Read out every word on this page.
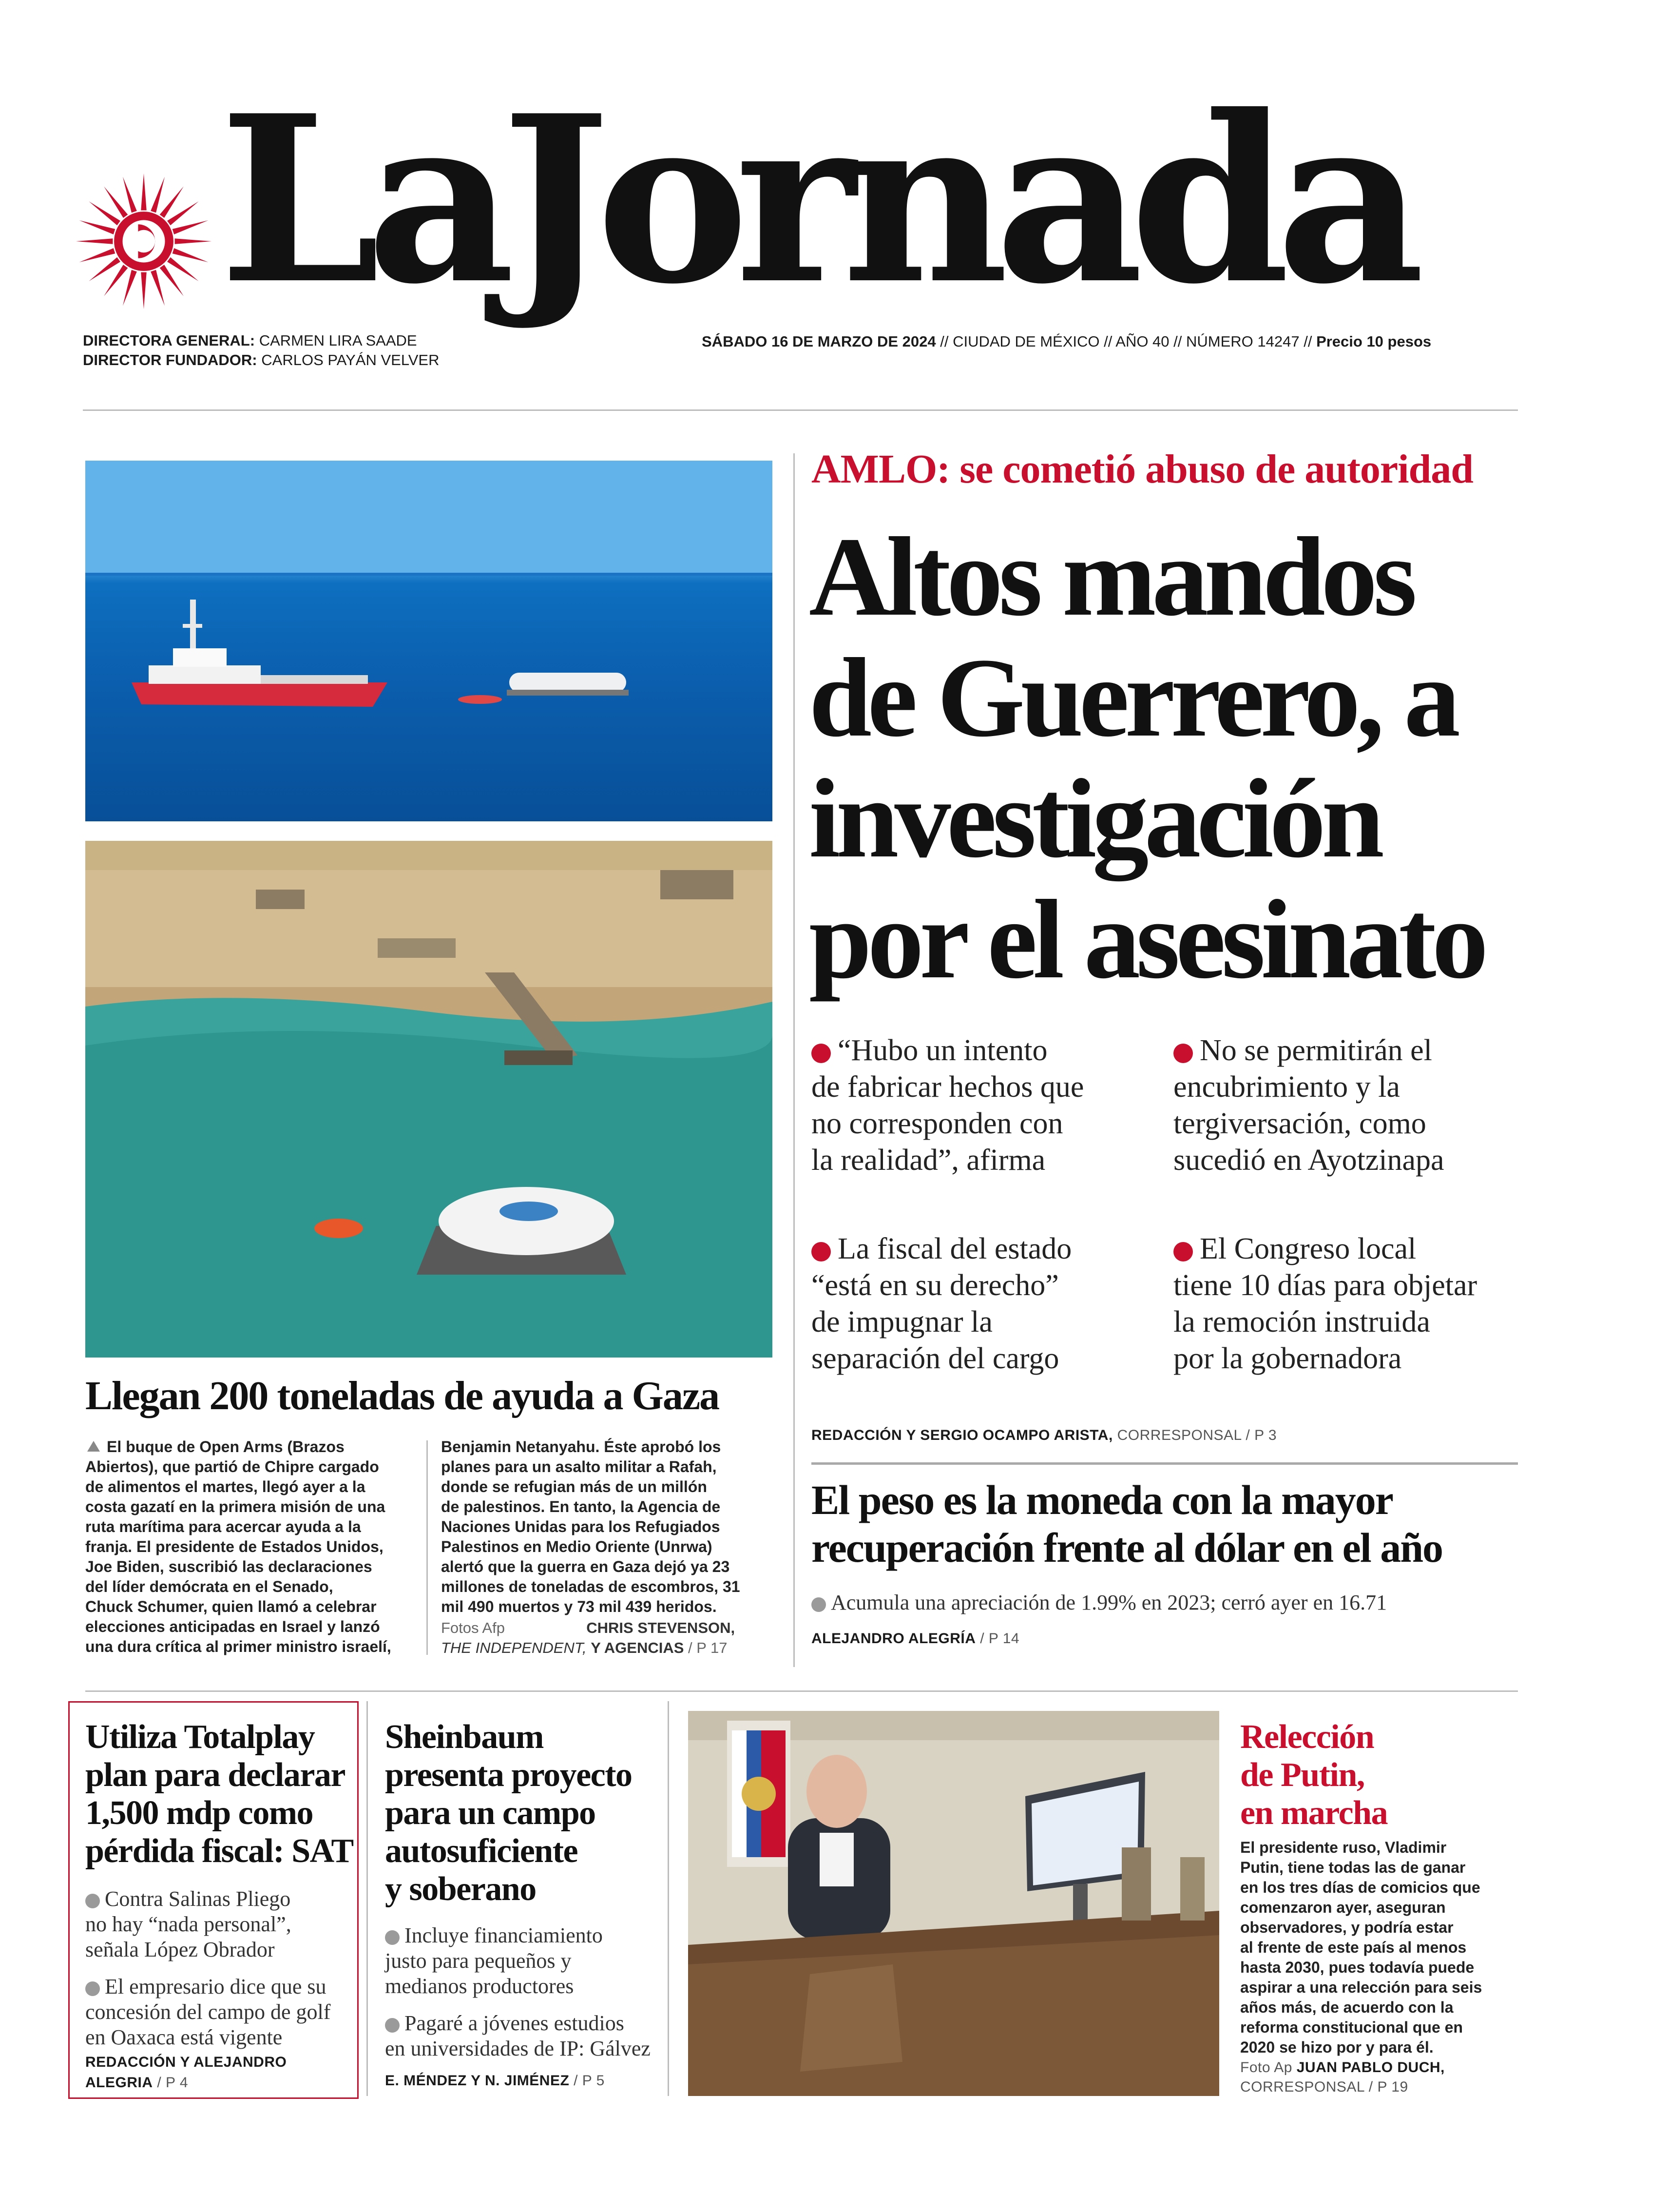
LaJornada
DIRECTORA GENERAL: CARMEN LIRA SAADE
DIRECTOR FUNDADOR: CARLOS PAYÁN VELVER
SÁBADO 16 DE MARZO DE 2024 // CIUDAD DE MÉXICO // AÑO 40 // NÚMERO 14247 // Precio 10 pesos
Llegan 200 toneladas de ayuda a Gaza
El buque de Open Arms (Brazos
Abiertos), que partió de Chipre cargado
de alimentos el martes, llegó ayer a la
costa gazatí en la primera misión de una
ruta marítima para acercar ayuda a la
franja. El presidente de Estados Unidos,
Joe Biden, suscribió las declaraciones
del líder demócrata en el Senado,
Chuck Schumer, quien llamó a celebrar
elecciones anticipadas en Israel y lanzó
una dura crítica al primer ministro israelí,
Benjamin Netanyahu. Éste aprobó los
planes para un asalto militar a Rafah,
donde se refugian más de un millón
de palestinos. En tanto, la Agencia de
Naciones Unidas para los Refugiados
Palestinos en Medio Oriente (Unrwa)
alertó que la guerra en Gaza dejó ya 23
millones de toneladas de escombros, 31
mil 490 muertos y 73 mil 439 heridos.
Fotos Afp	CHRIS STEVENSON,
THE INDEPENDENT, Y AGENCIAS / P 17
AMLO: se cometió abuso de autoridad
Altos mandos
de Guerrero, a
investigación
por el asesinato
“Hubo un intento
de fabricar hechos que
no corresponden con
la realidad”, afirma
No se permitirán el
encubrimiento y la
tergiversación, como
sucedió en Ayotzinapa
La fiscal del estado
“está en su derecho”
de impugnar la
separación del cargo
El Congreso local
tiene 10 días para objetar
la remoción instruida
por la gobernadora
REDACCIÓN Y SERGIO OCAMPO ARISTA, CORRESPONSAL / P 3
El peso es la moneda con la mayor
recuperación frente al dólar en el año
Acumula una apreciación de 1.99% en 2023; cerró ayer en 16.71
ALEJANDRO ALEGRÍA / P 14
Utiliza Totalplay
plan para declarar
1,500 mdp como
pérdida fiscal: SAT
Contra Salinas Pliego
no hay “nada personal”,
señala López Obrador
El empresario dice que su
concesión del campo de golf
en Oaxaca está vigente
REDACCIÓN Y ALEJANDRO
ALEGRIA / P 4
Sheinbaum
presenta proyecto
para un campo
autosuficiente
y soberano
Incluye financiamiento
justo para pequeños y
medianos productores
Pagaré a jóvenes estudios
en universidades de IP: Gálvez
E. MÉNDEZ Y N. JIMÉNEZ / P 5
Relección
de Putin,
en marcha
El presidente ruso, Vladimir
Putin, tiene todas las de ganar
en los tres días de comicios que
comenzaron ayer, aseguran
observadores, y podría estar
al frente de este país al menos
hasta 2030, pues todavía puede
aspirar a una relección para seis
años más, de acuerdo con la
reforma constitucional que en
2020 se hizo por y para él.
Foto Ap JUAN PABLO DUCH,
CORRESPONSAL / P 19
